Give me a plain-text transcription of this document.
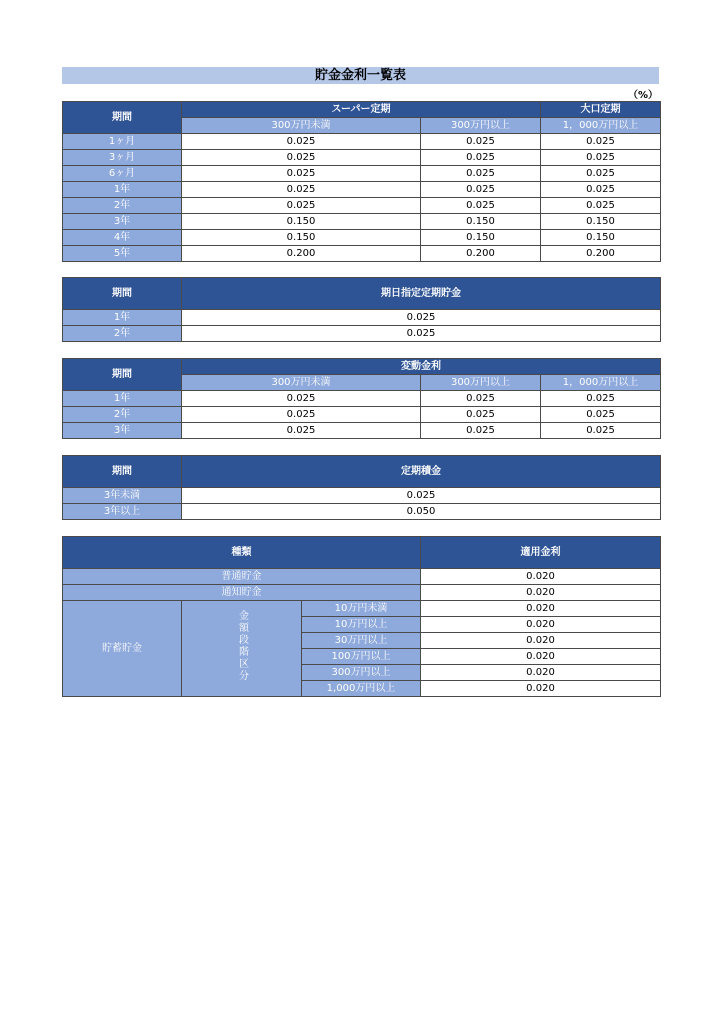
貯金金利一覧表
（%）
期間	スーパー定期		大口定期
	300万円未満	300万円以上	1，000万円以上
1ヶ月	0.025	0.025	0.025
3ヶ月	0.025	0.025	0.025
6ヶ月	0.025	0.025	0.025
1年	0.025	0.025	0.025
2年	0.025	0.025	0.025
3年	0.150	0.150	0.150
4年	0.150	0.150	0.150
5年	0.200	0.200	0.200
期間	期日指定定期貯金
1年	0.025
2年	0.025
期間	変動金利		
	300万円未満	300万円以上	1，000万円以上
1年	0.025	0.025	0.025
2年	0.025	0.025	0.025
3年	0.025	0.025	0.025
期間	定期積金
3年未満	0.025
3年以上	0.050
種類			適用金利
普通貯金			0.020
通知貯金			0.020
貯蓄貯金	金額段階区分	10万円未満	0.020
		10万円以上	0.020
		30万円以上	0.020
		100万円以上	0.020
		300万円以上	0.020
		1,000万円以上	0.020
